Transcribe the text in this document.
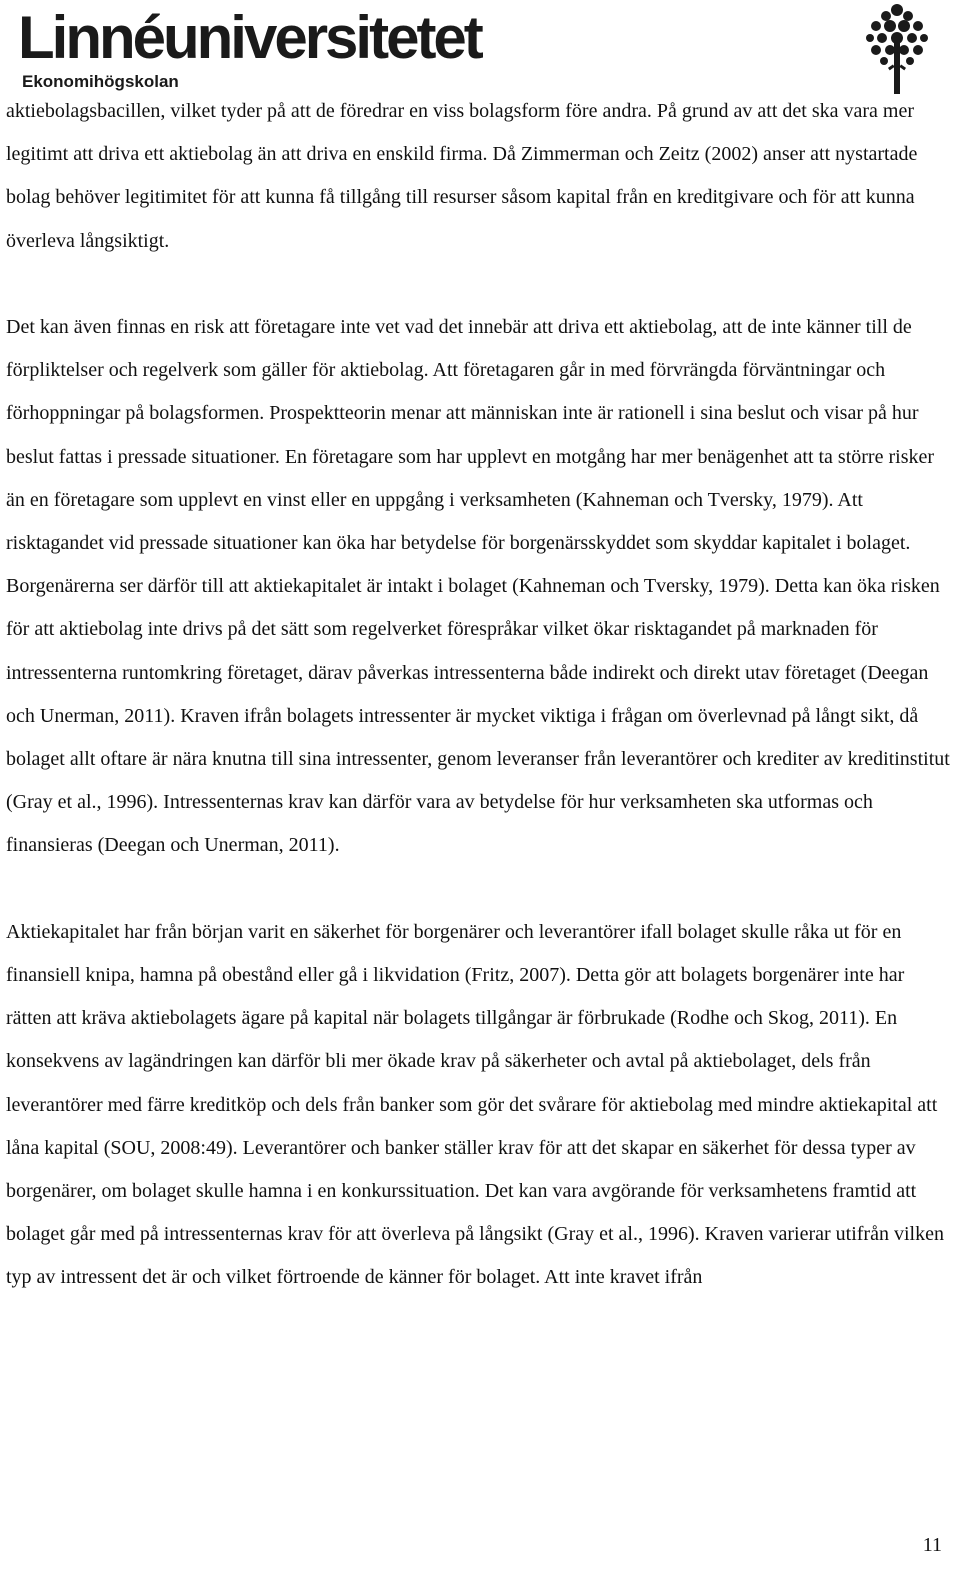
Linnéuniversitetet
Ekonomihögskolan

aktiebolagsbacillen, vilket tyder på att de föredrar en viss bolagsform före andra. På grund av att det ska vara mer legitimt att driva ett aktiebolag än att driva en enskild firma. Då Zimmerman och Zeitz (2002) anser att nystartade bolag behöver legitimitet för att kunna få tillgång till resurser såsom kapital från en kreditgivare och för att kunna överleva långsiktigt.

Det kan även finnas en risk att företagare inte vet vad det innebär att driva ett aktiebolag, att de inte känner till de förpliktelser och regelverk som gäller för aktiebolag. Att företagaren går in med förvrängda förväntningar och förhoppningar på bolagsformen. Prospektteorin menar att människan inte är rationell i sina beslut och visar på hur beslut fattas i pressade situationer. En företagare som har upplevt en motgång har mer benägenhet att ta större risker än en företagare som upplevt en vinst eller en uppgång i verksamheten (Kahneman och Tversky, 1979). Att risktagandet vid pressade situationer kan öka har betydelse för borgenärsskyddet som skyddar kapitalet i bolaget. Borgenärerna ser därför till att aktiekapitalet är intakt i bolaget (Kahneman och Tversky, 1979). Detta kan öka risken för att aktiebolag inte drivs på det sätt som regelverket förespråkar vilket ökar risktagandet på marknaden för intressenterna runtomkring företaget, därav påverkas intressenterna både indirekt och direkt utav företaget (Deegan och Unerman, 2011). Kraven ifrån bolagets intressenter är mycket viktiga i frågan om överlevnad på långt sikt, då bolaget allt oftare är nära knutna till sina intressenter, genom leveranser från leverantörer och krediter av kreditinstitut (Gray et al., 1996). Intressenternas krav kan därför vara av betydelse för hur verksamheten ska utformas och finansieras (Deegan och Unerman, 2011).

Aktiekapitalet har från början varit en säkerhet för borgenärer och leverantörer ifall bolaget skulle råka ut för en finansiell knipa, hamna på obestånd eller gå i likvidation (Fritz, 2007). Detta gör att bolagets borgenärer inte har rätten att kräva aktiebolagets ägare på kapital när bolagets tillgångar är förbrukade (Rodhe och Skog, 2011). En konsekvens av lagändringen kan därför bli mer ökade krav på säkerheter och avtal på aktiebolaget, dels från leverantörer med färre kreditköp och dels från banker som gör det svårare för aktiebolag med mindre aktiekapital att låna kapital (SOU, 2008:49). Leverantörer och banker ställer krav för att det skapar en säkerhet för dessa typer av borgenärer, om bolaget skulle hamna i en konkurssituation. Det kan vara avgörande för verksamhetens framtid att bolaget går med på intressenternas krav för att överleva på långsikt (Gray et al., 1996). Kraven varierar utifrån vilken typ av intressent det är och vilket förtroende de känner för bolaget. Att inte kravet ifrån

11
